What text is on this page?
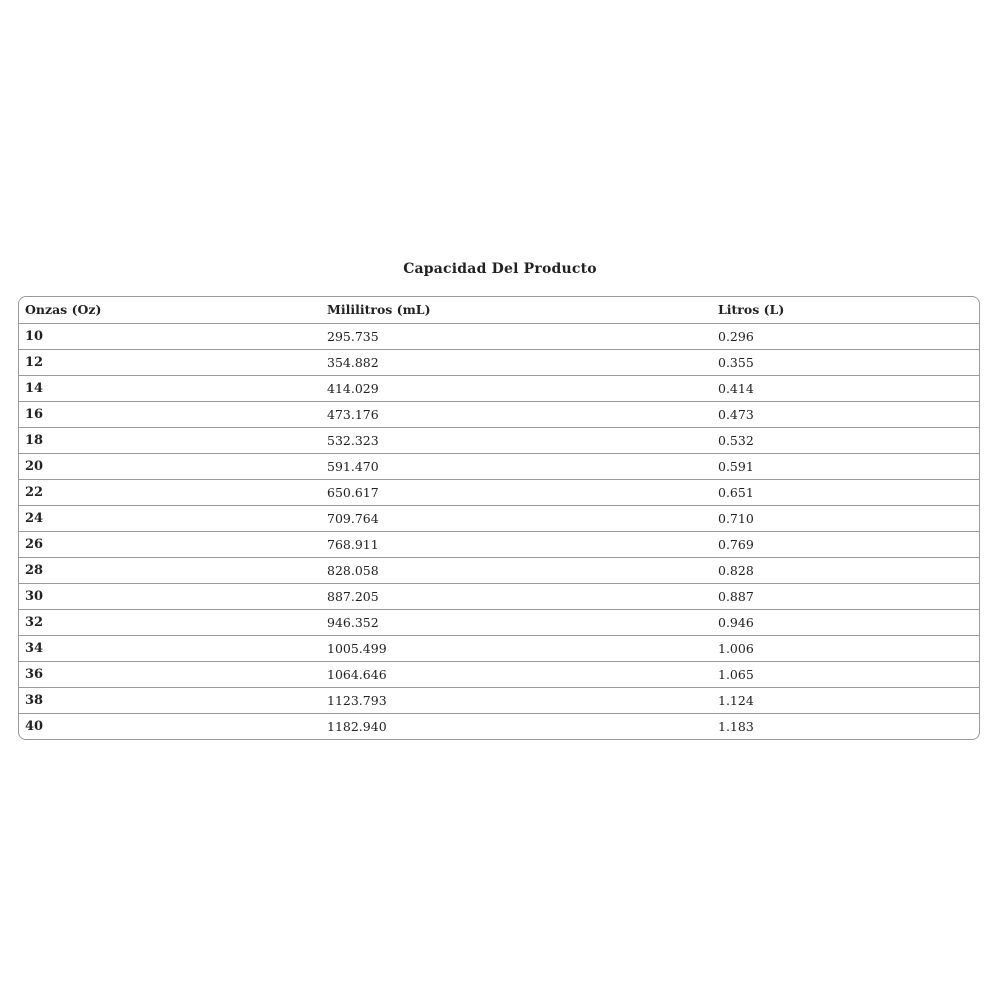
Capacidad Del Producto
Onzas (Oz)	Mililitros (mL)	Litros (L)
10	295.735	0.296
12	354.882	0.355
14	414.029	0.414
16	473.176	0.473
18	532.323	0.532
20	591.470	0.591
22	650.617	0.651
24	709.764	0.710
26	768.911	0.769
28	828.058	0.828
30	887.205	0.887
32	946.352	0.946
34	1005.499	1.006
36	1064.646	1.065
38	1123.793	1.124
40	1182.940	1.183
